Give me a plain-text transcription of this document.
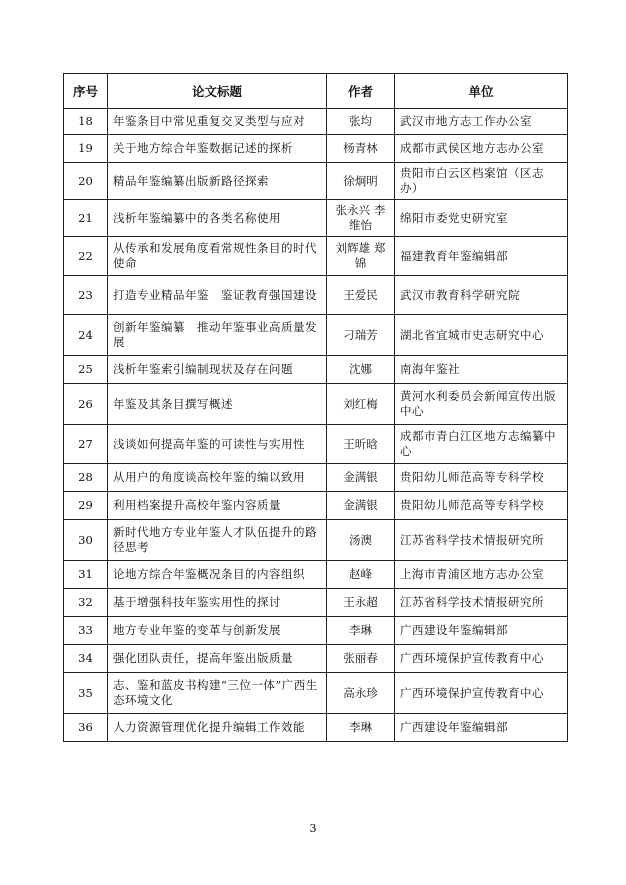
序号	论文标题	作者	单位
18	年鉴条目中常见重复交叉类型与应对	张均	武汉市地方志工作办公室
19	关于地方综合年鉴数据记述的探析	杨青林	成都市武侯区地方志办公室
20	精品年鉴编纂出版新路径探索	徐炯明	贵阳市白云区档案馆（区志办）
21	浅析年鉴编纂中的各类名称使用	张永兴 李维怡	绵阳市委党史研究室
22	从传承和发展角度看常规性条目的时代使命	刘辉雄 郑锦	福建教育年鉴编辑部
23	打造专业精品年鉴　鉴证教育强国建设	王爱民	武汉市教育科学研究院
24	创新年鉴编纂　推动年鉴事业高质量发展	刁瑞芳	湖北省宜城市史志研究中心
25	浅析年鉴索引编制现状及存在问题	沈娜	南海年鉴社
26	年鉴及其条目撰写概述	刘红梅	黄河水利委员会新闻宣传出版中心
27	浅谈如何提高年鉴的可读性与实用性	王昕晗	成都市青白江区地方志编纂中心
28	从用户的角度谈高校年鉴的编以致用	金满银	贵阳幼儿师范高等专科学校
29	利用档案提升高校年鉴内容质量	金满银	贵阳幼儿师范高等专科学校
30	新时代地方专业年鉴人才队伍提升的路径思考	汤澳	江苏省科学技术情报研究所
31	论地方综合年鉴概况条目的内容组织	赵峰	上海市青浦区地方志办公室
32	基于增强科技年鉴实用性的探讨	王永超	江苏省科学技术情报研究所
33	地方专业年鉴的变革与创新发展	李琳	广西建设年鉴编辑部
34	强化团队责任，提高年鉴出版质量	张丽春	广西环境保护宣传教育中心
35	志、鉴和蓝皮书构建“三位一体”广西生态环境文化	高永珍	广西环境保护宣传教育中心
36	人力资源管理优化提升编辑工作效能	李琳	广西建设年鉴编辑部
3
